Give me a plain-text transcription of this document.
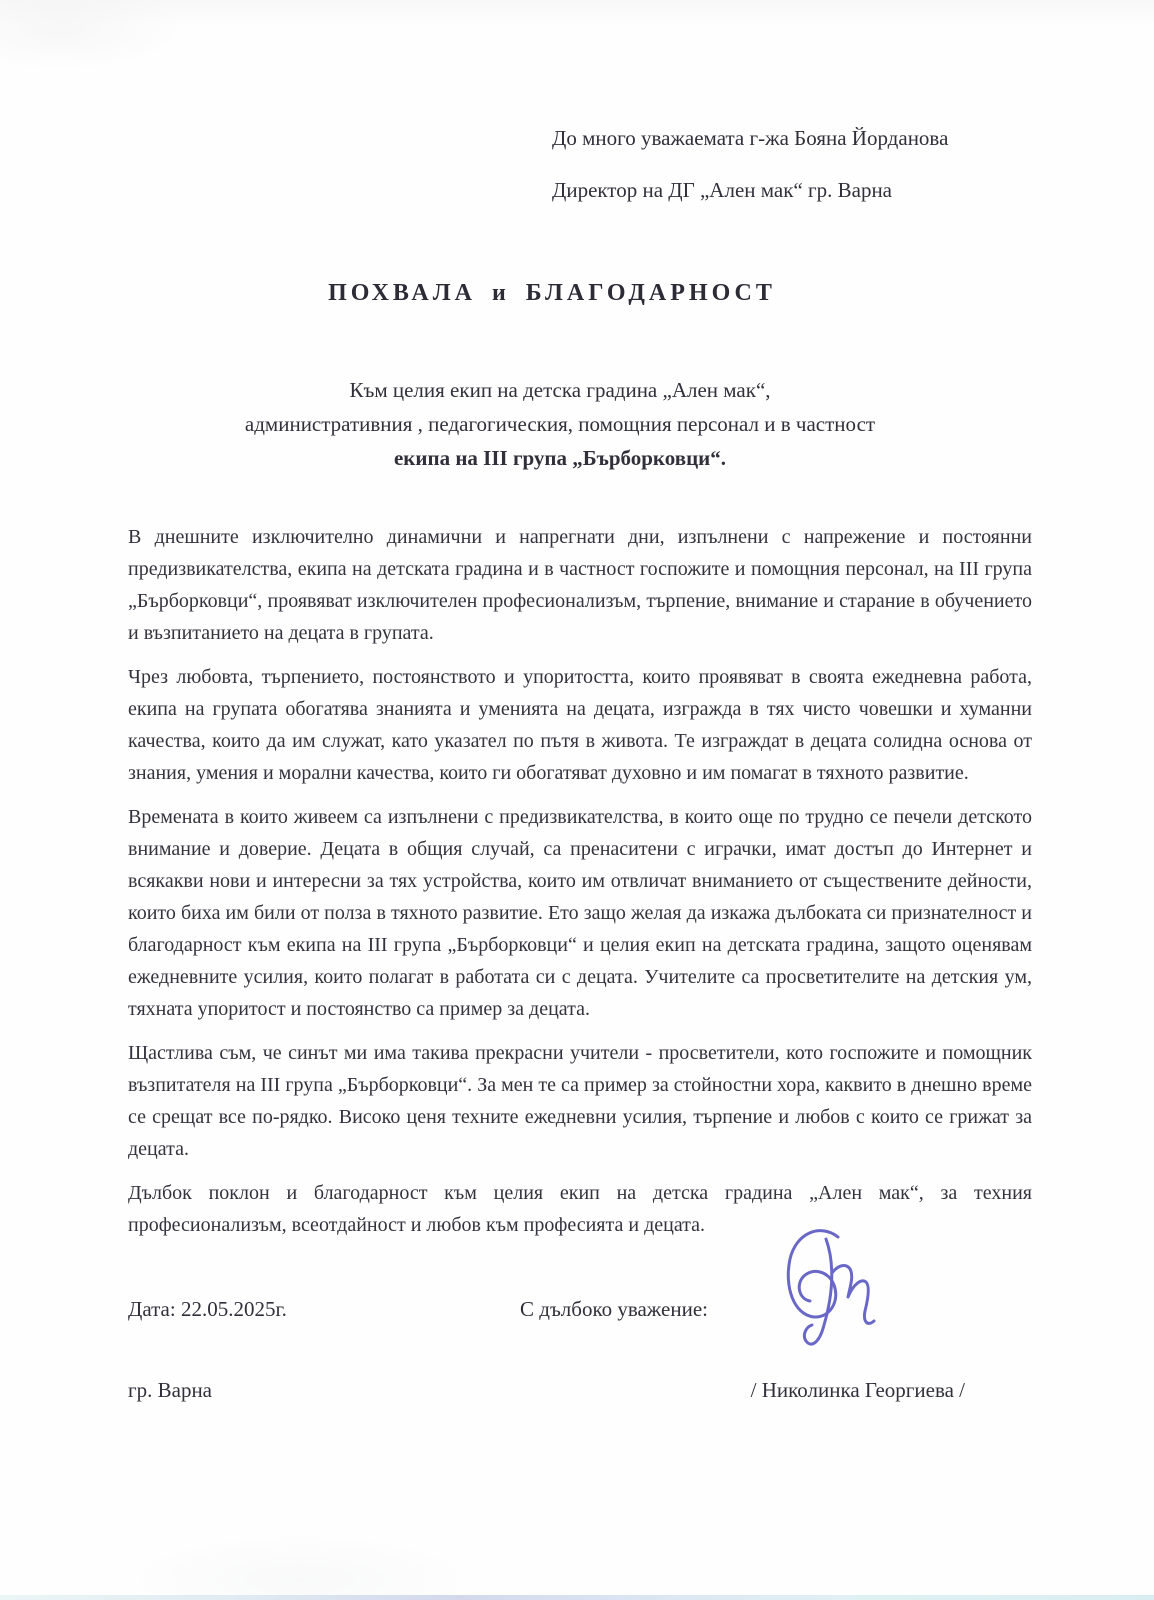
До много уважаемата г-жа Бояна Йорданова
Директор на ДГ „Ален мак“ гр. Варна
ПОХВАЛА и БЛАГОДАРНОСТ
Към целия екип на детска градина „Ален мак“,
административния , педагогическия, помощния персонал и в частност
екипа на III група „Бърборковци“.

В днешните изключително динамични и напрегнати дни, изпълнени с напрежение и постоянни предизвикателства, екипа на детската градина и в частност госпожите и помощния персонал, на III група „Бърборковци“, проявяват изключителен професионализъм, търпение, внимание и старание в обучението и възпитанието на децата в групата.

Чрез любовта, търпението, постоянството и упоритостта, които проявяват в своята ежедневна работа, екипа на групата обогатява знанията и уменията на децата, изгражда в тях чисто човешки и хуманни качества, които да им служат, като указател по пътя в живота. Те изграждат в децата солидна основа от знания, умения и морални качества, които ги обогатяват духовно и им помагат в тяхното развитие.

Времената в които живеем са изпълнени с предизвикателства, в които още по трудно се печели детското внимание и доверие. Децата в общия случай, са пренаситени с играчки, имат достъп до Интернет и всякакви нови и интересни за тях устройства, които им отвличат вниманието от съществените дейности, които биха им били от полза в тяхното развитие. Ето защо желая да изкажа дълбоката си признателност и благодарност към екипа на III група „Бърборковци“ и целия екип на детската градина, защото оценявам ежедневните усилия, които полагат в работата си с децата. Учителите са просветителите на детския ум, тяхната упоритост и постоянство са пример за децата.

Щастлива съм, че синът ми има такива прекрасни учители - просветители, кото госпожите и помощник възпитателя на III група „Бърборковци“. За мен те са пример за стойностни хора, каквито в днешно време се срещат все по-рядко. Високо ценя техните ежедневни усилия, търпение и любов с които се грижат за децата.

Дълбок поклон и благодарност към целия екип на детска градина „Ален мак“, за техния професионализъм, всеотдайност и любов към професията и децата.

Дата: 22.05.2025г.	С дълбоко уважение:
гр. Варна	/ Николинка Георгиева /
